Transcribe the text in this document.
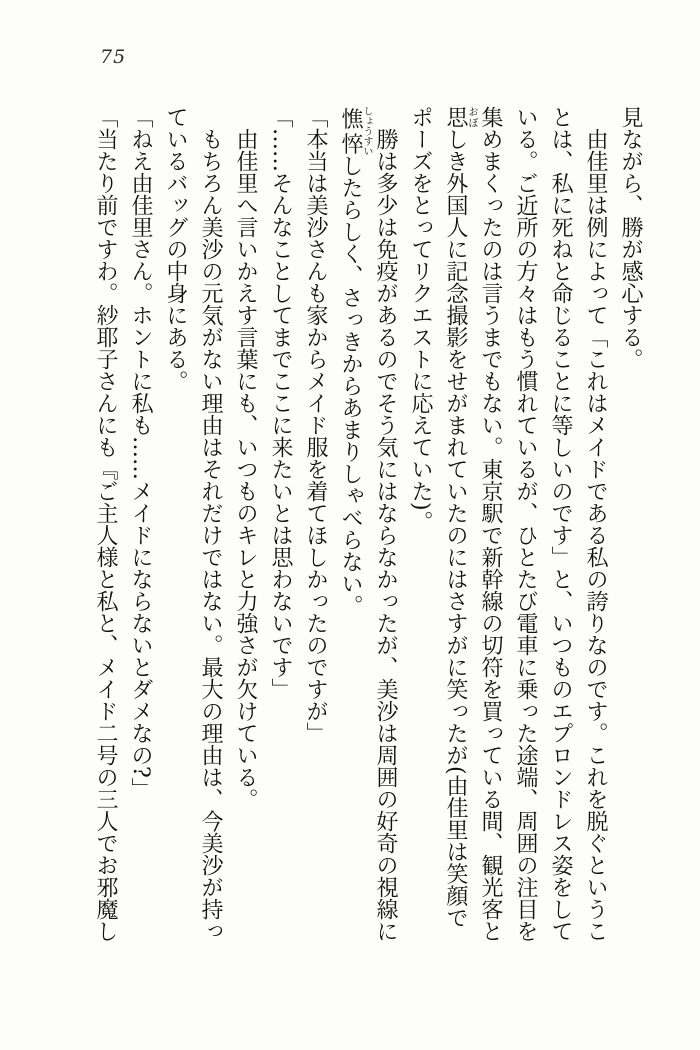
75

見ながら、勝が感心する。

由佳里は例によって「これはメイドである私の誇りなのです。これを脱ぐということは、私に死ねと命じることに等しいのです」と、いつものエプロンドレス姿をしている。ご近所の方々はもう慣れているが、ひとたび電車に乗った途端、周囲の注目を集めまくったのは言うまでもない。東京駅で新幹線の切符を買っている間、観光客と思おぼしき外国人に記念撮影をせがまれていたのにはさすがに笑ったが(由佳里は笑顔でポーズをとってリクエストに応えていた)。

勝は多少は免疫があるのでそう気にはならなかったが、美沙は周囲の好奇の視線に憔悴しょうすいしたらしく、さっきからあまりしゃべらない。

「本当は美沙さんも家からメイド服を着てほしかったのですが」

「……そんなことしてまでここに来たいとは思わないです」

由佳里へ言いかえす言葉にも、いつものキレと力強さが欠けている。

もちろん美沙の元気がない理由はそれだけではない。最大の理由は、今美沙が持っているバッグの中身にある。

「ねえ由佳里さん。ホントに私も……メイドにならないとダメなの?」

「当たり前ですわ。紗耶子さんにも『ご主人様と私と、メイド二号の三人でお邪魔し
